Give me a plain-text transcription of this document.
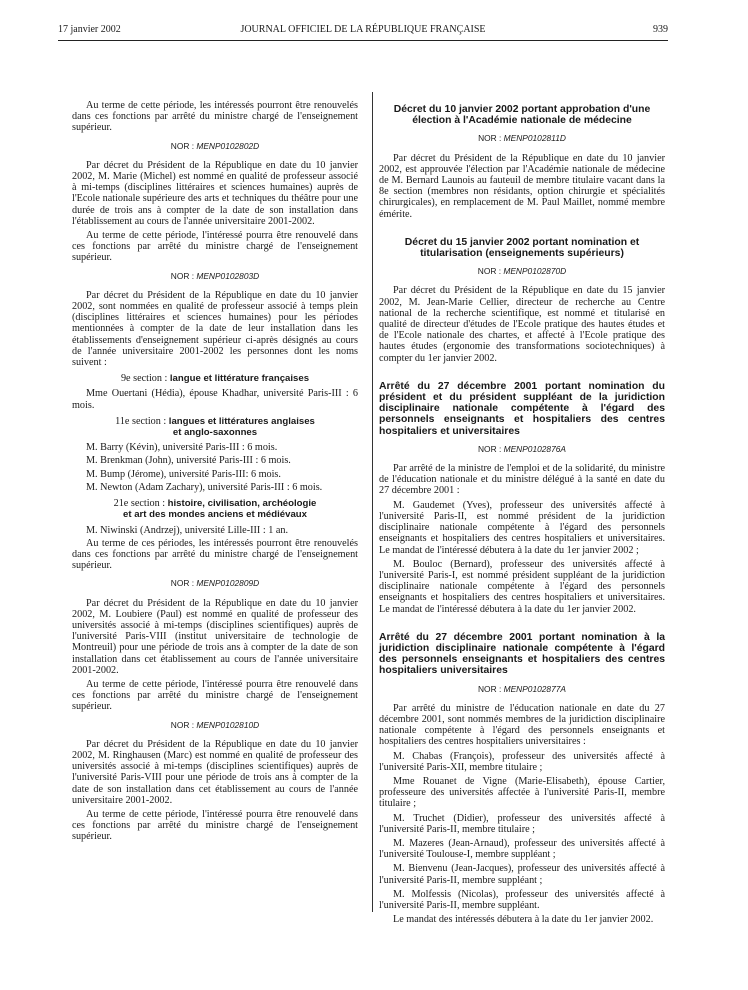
17 janvier 2002	JOURNAL OFFICIEL DE LA RÉPUBLIQUE FRANÇAISE	939

Au terme de cette période, les intéressés pourront être renouvelés dans ces fonctions par arrêté du ministre chargé de l'enseignement supérieur.

NOR : MENP0102802D

Par décret du Président de la République en date du 10 janvier 2002, M. Marie (Michel) est nommé en qualité de professeur associé à mi-temps (disciplines littéraires et sciences humaines) auprès de l'Ecole nationale supérieure des arts et techniques du théâtre pour une durée de trois ans à compter de la date de son installation dans l'établissement au cours de l'année universitaire 2001-2002.

Au terme de cette période, l'intéressé pourra être renouvelé dans ces fonctions par arrêté du ministre chargé de l'enseignement supérieur.

NOR : MENP0102803D

Par décret du Président de la République en date du 10 janvier 2002, sont nommées en qualité de professeur associé à temps plein (disciplines littéraires et sciences humaines) pour les périodes mentionnées à compter de la date de leur installation dans les établissements d'enseignement supérieur ci-après désignés au cours de l'année universitaire 2001-2002 les personnes dont les noms suivent :

9e section : langue et littérature françaises

Mme Ouertani (Hédia), épouse Khadhar, université Paris-III : 6 mois.

11e section : langues et littératures anglaises
et anglo-saxonnes
M. Barry (Kévin), université Paris-III : 6 mois.
M. Brenkman (John), université Paris-III : 6 mois.
M. Bump (Jérome), université Paris-III: 6 mois.
M. Newton (Adam Zachary), université Paris-III : 6 mois.
21e section : histoire, civilisation, archéologie
et art des mondes anciens et médiévaux
M. Niwinski (Andrzej), université Lille-III : 1 an.

Au terme de ces périodes, les intéressés pourront être renouvelés dans ces fonctions par arrêté du ministre chargé de l'enseignement supérieur.

NOR : MENP0102809D

Par décret du Président de la République en date du 10 janvier 2002, M. Loubiere (Paul) est nommé en qualité de professeur des universités associé à mi-temps (disciplines scientifiques) auprès de l'université Paris-VIII (institut universitaire de technologie de Montreuil) pour une période de trois ans à compter de la date de son installation dans cet établissement au cours de l'année universitaire 2001-2002.

Au terme de cette période, l'intéressé pourra être renouvelé dans ces fonctions par arrêté du ministre chargé de l'enseignement supérieur.

NOR : MENP0102810D

Par décret du Président de la République en date du 10 janvier 2002, M. Ringhausen (Marc) est nommé en qualité de professeur des universités associé à mi-temps (disciplines scientifiques) auprès de l'université Paris-VIII pour une période de trois ans à compter de la date de son installation dans cet établissement au cours de l'année universitaire 2001-2002.

Au terme de cette période, l'intéressé pourra être renouvelé dans ces fonctions par arrêté du ministre chargé de l'enseignement supérieur.

Décret du 10 janvier 2002 portant approbation d'une élection à l'Académie nationale de médecine
NOR : MENP0102811D

Par décret du Président de la République en date du 10 janvier 2002, est approuvée l'élection par l'Académie nationale de médecine de M. Bernard Launois au fauteuil de membre titulaire vacant dans la 8e section (membres non résidants, option chirurgie et spécialités chirurgicales), en remplacement de M. Paul Maillet, nommé membre émérite.

Décret du 15 janvier 2002 portant nomination et titularisation (enseignements supérieurs)
NOR : MENP0102870D

Par décret du Président de la République en date du 15 janvier 2002, M. Jean-Marie Cellier, directeur de recherche au Centre national de la recherche scientifique, est nommé et titularisé en qualité de directeur d'études de l'Ecole pratique des hautes études et de l'Ecole nationale des chartes, et affecté à l'Ecole pratique des hautes études (ergonomie des transformations sociotechniques) à compter du 1er janvier 2002.

Arrêté du 27 décembre 2001 portant nomination du président et du président suppléant de la juridiction disciplinaire nationale compétente à l'égard des personnels enseignants et hospitaliers des centres hospitaliers et universitaires
NOR : MENP0102876A

Par arrêté de la ministre de l'emploi et de la solidarité, du ministre de l'éducation nationale et du ministre délégué à la santé en date du 27 décembre 2001 :

M. Gaudemet (Yves), professeur des universités affecté à l'université Paris-II, est nommé président de la juridiction disciplinaire nationale compétente à l'égard des personnels enseignants et hospitaliers des centres hospitaliers et universitaires. Le mandat de l'intéressé débutera à la date du 1er janvier 2002 ;

M. Bouloc (Bernard), professeur des universités affecté à l'université Paris-I, est nommé président suppléant de la juridiction disciplinaire nationale compétente à l'égard des personnels enseignants et hospitaliers des centres hospitaliers et universitaires. Le mandat de l'intéressé débutera à la date du 1er janvier 2002.

Arrêté du 27 décembre 2001 portant nomination à la juridiction disciplinaire nationale compétente à l'égard des personnels enseignants et hospitaliers des centres hospitaliers universitaires
NOR : MENP0102877A

Par arrêté du ministre de l'éducation nationale en date du 27 décembre 2001, sont nommés membres de la juridiction disciplinaire nationale compétente à l'égard des personnels enseignants et hospitaliers des centres hospitaliers universitaires :

M. Chabas (François), professeur des universités affecté à l'université Paris-XII, membre titulaire ;

Mme Rouanet de Vigne (Marie-Elisabeth), épouse Cartier, professeure des universités affectée à l'université Paris-II, membre titulaire ;

M. Truchet (Didier), professeur des universités affecté à l'université Paris-II, membre titulaire ;

M. Mazeres (Jean-Arnaud), professeur des universités affecté à l'université Toulouse-I, membre suppléant ;

M. Bienvenu (Jean-Jacques), professeur des universités affecté à l'université Paris-II, membre suppléant ;

M. Molfessis (Nicolas), professeur des universités affecté à l'université Paris-II, membre suppléant.

Le mandat des intéressés débutera à la date du 1er janvier 2002.
